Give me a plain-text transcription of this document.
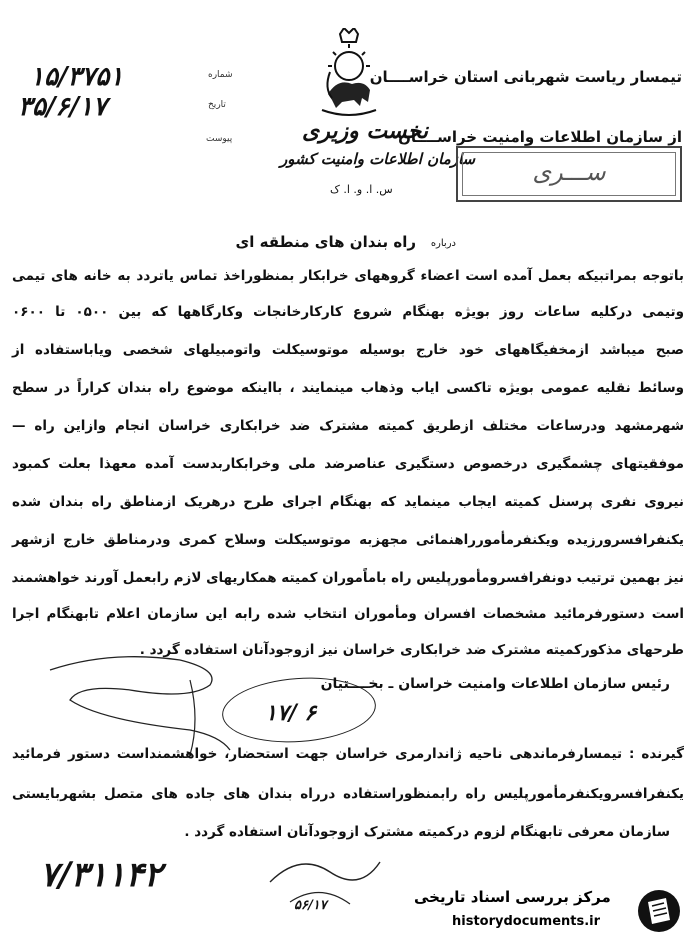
نخست وزیری
سازمان اطلاعات وامنیت کشور
س. ا. و. ا. ک
۱۵/۳۷۵۱	شماره
۳۵/۶/۱۷	تاریخ
پیوست
تیمسار ریاست شهربانی استان خراســــان
از سازمان اطلاعات وامنیت خراســــان
ســـری
راه بندان های منطقه ای درباره
باتوجه بمراتبیکه بعمل آمده است اعضاء گروههای خرابکار بمنظوراخذ تماس یاتردد به خانه های تیمی
وتیمی درکلیه ساعات روز بویژه بهنگام شروع کارکارخانجات وکارگاهها که بین ۰۵۰۰ تا ۰۶۰۰
صبح میباشد ازمخفیگاههای خود خارج بوسیله موتوسیکلت واتومبیلهای شخصی ویاباستفاده از
وسائط نقلیه عمومی بویژه تاکسی ایاب وذهاب مینمایند ، بااینکه موضوع راه بندان کراراً در سطح
شهرمشهد ودرساعات مختلف ازطریق کمیته مشترک ضد خرابکاری خراسان انجام وازاین راه —
موفقیتهای چشمگیری درخصوص دستگیری عناصرضد ملی وخرابکاربدست آمده معهذا بعلت کمبود
نیروی نفری پرسنل کمیته ایجاب مینماید که بهنگام اجرای طرح درهریک ازمناطق راه بندان شده
یکنفرافسرورزیده ویکنفرمأمورراهنمائی مجهزبه موتوسیکلت وسلاح کمری ودرمناطق خارج ازشهر
نیز بهمین ترتیب دونفرافسرومأمورپلیس راه باماًموران کمیته همکاریهای لازم رابعمل آورند خواهشمند
است دستورفرمائید مشخصات افسران ومأموران انتخاب شده رابه این سازمان اعلام تابهنگام اجرا
طرحهای مذکورکمیته مشترک ضد خرابکاری خراسان نیز ازوجودآنان استفاده گردد .
۱۷/ ۶
رئیس سازمان اطلاعات وامنیت خراسان ـ بخــــتیان
گیرنده : تیمسارفرماندهی ناحیه ژاندارمری خراسان جهت استحضار، خواهشمنداست دستور فرمائید
یکنفرافسرویکنفرمأمورپلیس راه رابمنظوراستفاده درراه بندان های جاده های متصل بشهربایستی
سازمان معرفی تابهنگام لزوم درکمیته مشترک ازوجودآنان استفاده گردد .
۷/۳۱۱۴۲
۵۶/۱۷	مرکز بررسی اسناد تاریخی
historydocuments.ir
